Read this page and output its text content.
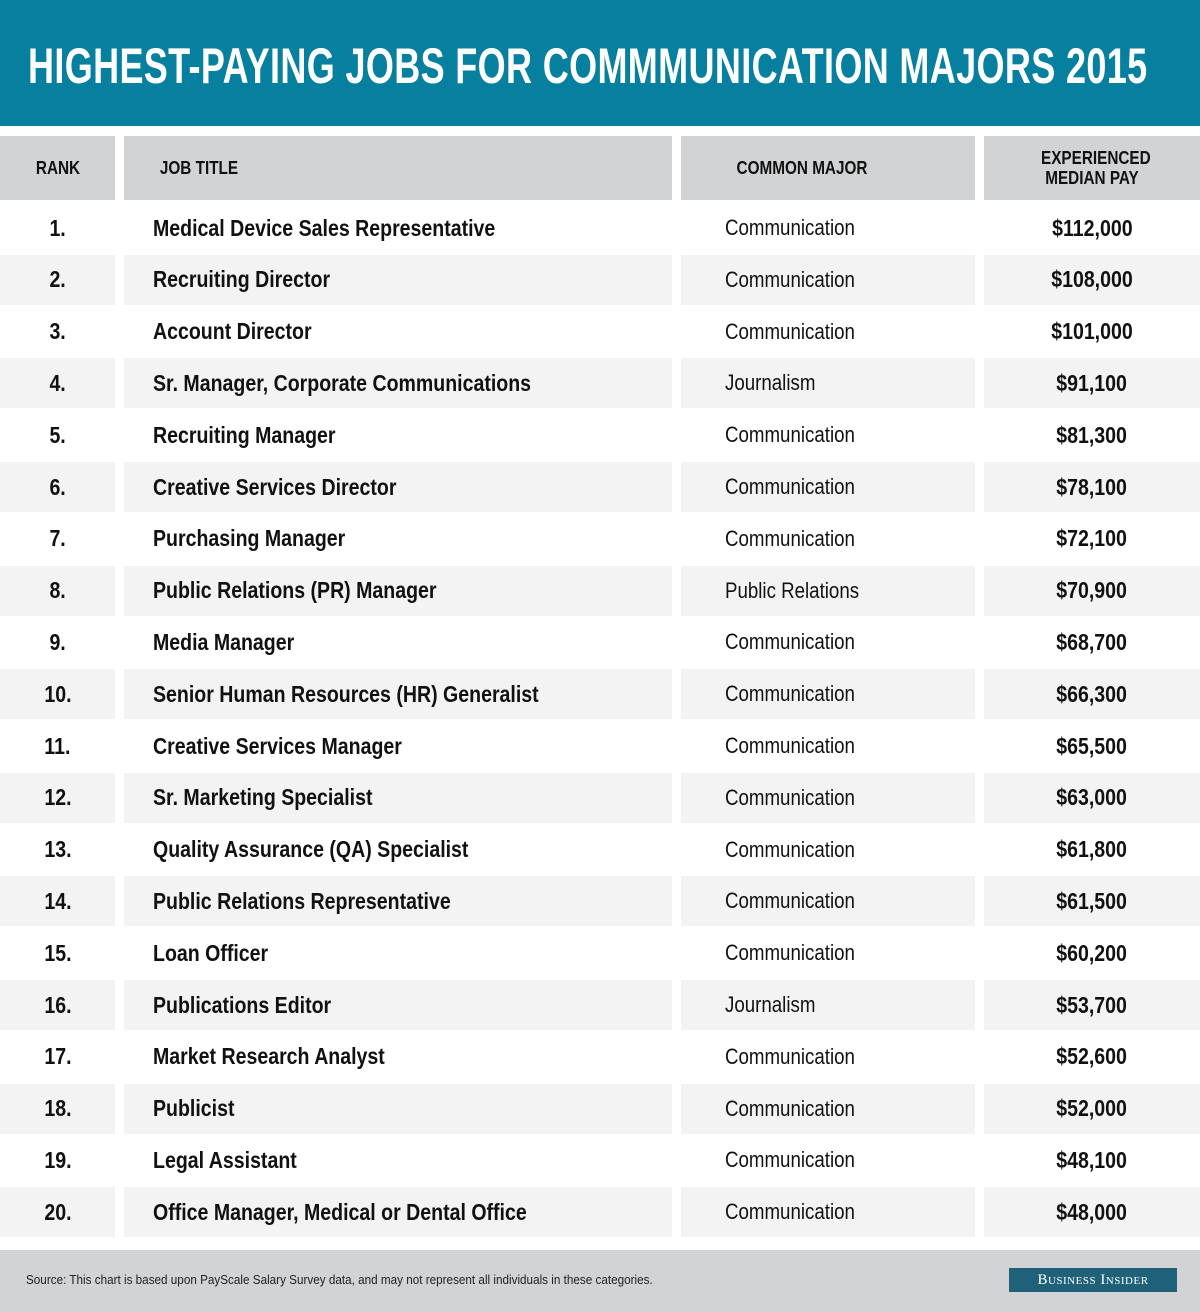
HIGHEST-PAYING JOBS FOR COMMMUNICATION MAJORS 2015
RANK	JOB TITLE	COMMON MAJOR	EXPERIENCED MEDIAN PAY
1.	Medical Device Sales Representative	Communication	$112,000
2.	Recruiting Director	Communication	$108,000
3.	Account Director	Communication	$101,000
4.	Sr. Manager, Corporate Communications	Journalism	$91,100
5.	Recruiting Manager	Communication	$81,300
6.	Creative Services Director	Communication	$78,100
7.	Purchasing Manager	Communication	$72,100
8.	Public Relations (PR) Manager	Public Relations	$70,900
9.	Media Manager	Communication	$68,700
10.	Senior Human Resources (HR) Generalist	Communication	$66,300
11.	Creative Services Manager	Communication	$65,500
12.	Sr. Marketing Specialist	Communication	$63,000
13.	Quality Assurance (QA) Specialist	Communication	$61,800
14.	Public Relations Representative	Communication	$61,500
15.	Loan Officer	Communication	$60,200
16.	Publications Editor	Journalism	$53,700
17.	Market Research Analyst	Communication	$52,600
18.	Publicist	Communication	$52,000
19.	Legal Assistant	Communication	$48,100
20.	Office Manager, Medical or Dental Office	Communication	$48,000
Source: This chart is based upon PayScale Salary Survey data, and may not represent all individuals in these categories.	Business Insider
